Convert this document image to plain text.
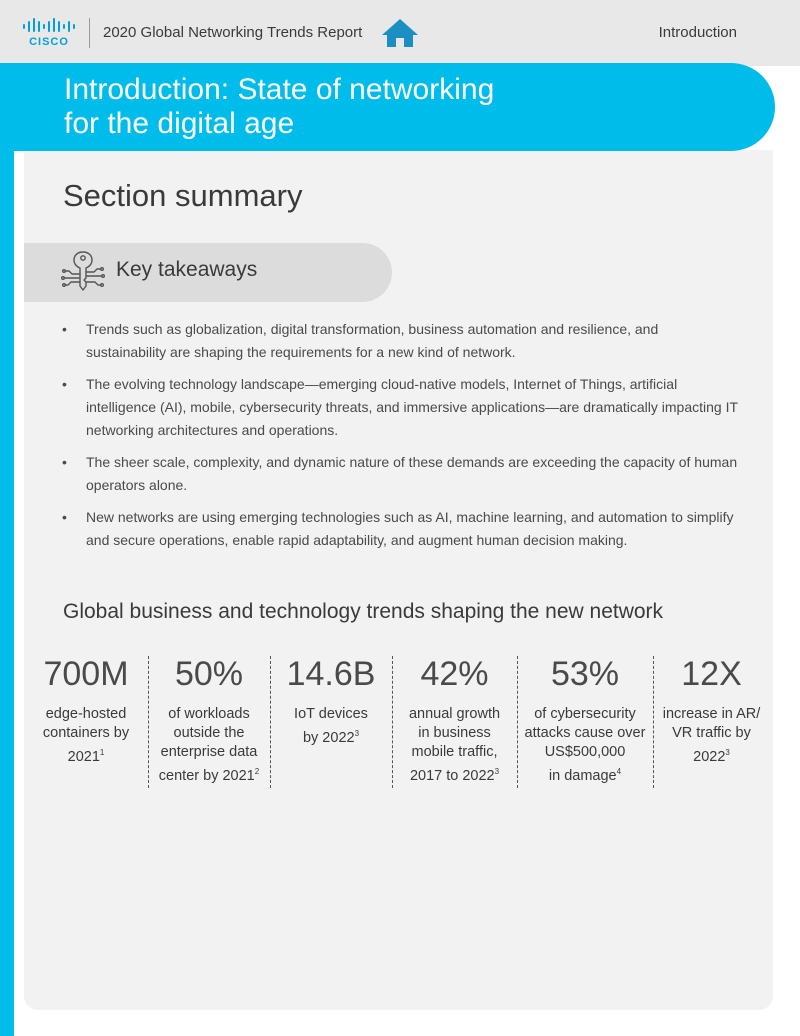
CISCO
2020 Global Networking Trends Report	Introduction
Introduction: State of networking
for the digital age
Section summary
Key takeaways
• Trends such as globalization, digital transformation, business automation and resilience, and sustainability are shaping the requirements for a new kind of network.
• The evolving technology landscape—emerging cloud-native models, Internet of Things, artificial intelligence (AI), mobile, cybersecurity threats, and immersive applications—are dramatically impacting IT networking architectures and operations.
• The sheer scale, complexity, and dynamic nature of these demands are exceeding the capacity of human operators alone.
• New networks are using emerging technologies such as AI, machine learning, and automation to simplify and secure operations, enable rapid adaptability, and augment human decision making.
Global business and technology trends shaping the new network
700M
edge-hosted
containers by
2021$^1$
50%
of workloads
outside the
enterprise data
center by 2021$^2$
14.6B
IoT devices
by 2022$^3$
42%
annual growth
in business
mobile traffic,
2017 to 2022$^3$
53%
of cybersecurity
attacks cause over
US$500,000
in damage$^4$
12X
increase in AR/
VR traffic by
2022$^3$
